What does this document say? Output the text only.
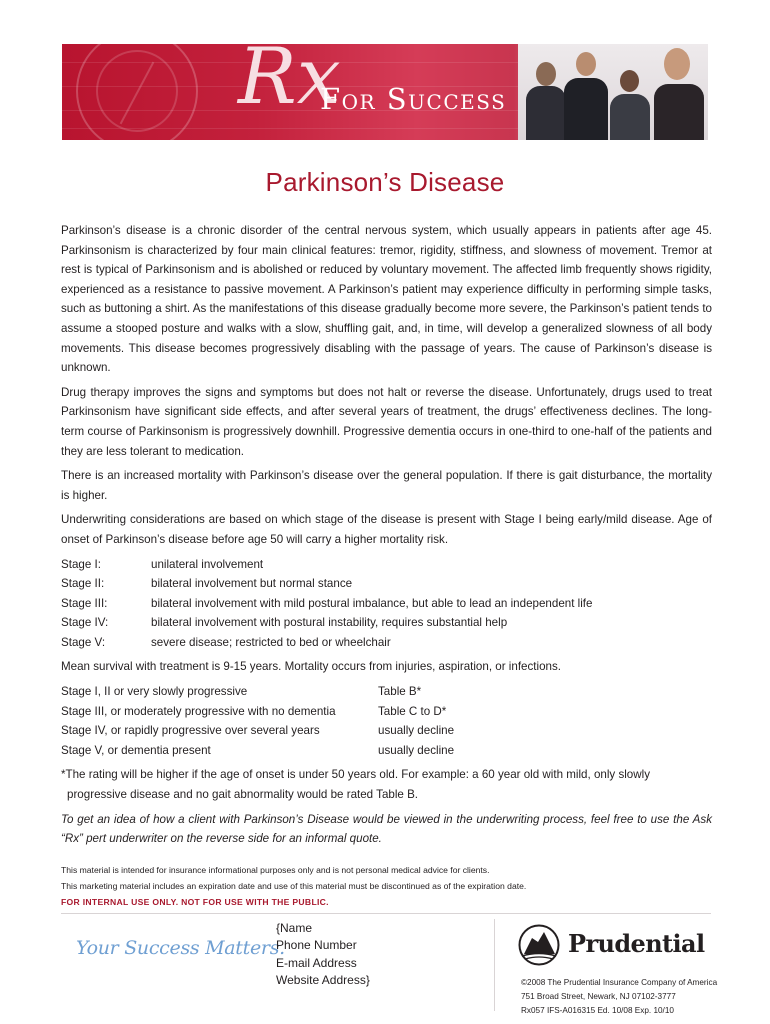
Rx
For Success
Parkinson’s Disease

Parkinson’s disease is a chronic disorder of the central nervous system, which usually appears in patients after age 45. Parkinsonism is characterized by four main clinical features: tremor, rigidity, stiffness, and slowness of movement. Tremor at rest is typical of Parkinsonism and is abolished or reduced by voluntary movement. The affected limb frequently shows rigidity, experienced as a resistance to passive movement. A Parkinson’s patient may experience difficulty in performing simple tasks, such as buttoning a shirt. As the manifestations of this disease gradually become more severe, the Parkinson’s patient tends to assume a stooped posture and walks with a slow, shuffling gait, and, in time, will develop a generalized slowness of all body movements. This disease becomes progressively disabling with the passage of years. The cause of Parkinson’s disease is unknown.

Drug therapy improves the signs and symptoms but does not halt or reverse the disease. Unfortunately, drugs used to treat Parkinsonism have significant side effects, and after several years of treatment, the drugs’ effectiveness declines. The long-term course of Parkinsonism is progressively downhill. Progressive dementia occurs in one-third to one-half of the patients and they are less tolerant to medication.

There is an increased mortality with Parkinson’s disease over the general population. If there is gait disturbance, the mortality is higher.

Underwriting considerations are based on which stage of the disease is present with Stage I being early/mild disease. Age of onset of Parkinson’s disease before age 50 will carry a higher mortality risk.

Stage I:	unilateral involvement
Stage II:	bilateral involvement but normal stance
Stage III:	bilateral involvement with mild postural imbalance, but able to lead an independent life
Stage IV:	bilateral involvement with postural instability, requires substantial help
Stage V:	severe disease; restricted to bed or wheelchair

Mean survival with treatment is 9-15 years. Mortality occurs from injuries, aspiration, or infections.

Stage I, II or very slowly progressive	Table B*
Stage III, or moderately progressive with no dementia	Table C to D*
Stage IV, or rapidly progressive over several years	usually decline
Stage V, or dementia present	usually decline
*The rating will be higher if the age of onset is under 50 years old. For example: a 60 year old with mild, only slowly
progressive disease and no gait abnormality would be rated Table B.

To get an idea of how a client with Parkinson’s Disease would be viewed in the underwriting process, feel free to use the Ask “Rx” pert underwriter on the reverse side for an informal quote.

This material is intended for insurance informational purposes only and is not personal medical advice for clients.
This marketing material includes an expiration date and use of this material must be discontinued as of the expiration date.
FOR INTERNAL USE ONLY. NOT FOR USE WITH THE PUBLIC.
Your Success Matters.
{Name
Phone Number
E-mail Address
Website Address}
Prudential
©2008 The Prudential Insurance Company of America
751 Broad Street, Newark, NJ 07102-3777
Rx057 IFS-A016315 Ed. 10/08 Exp. 10/10
